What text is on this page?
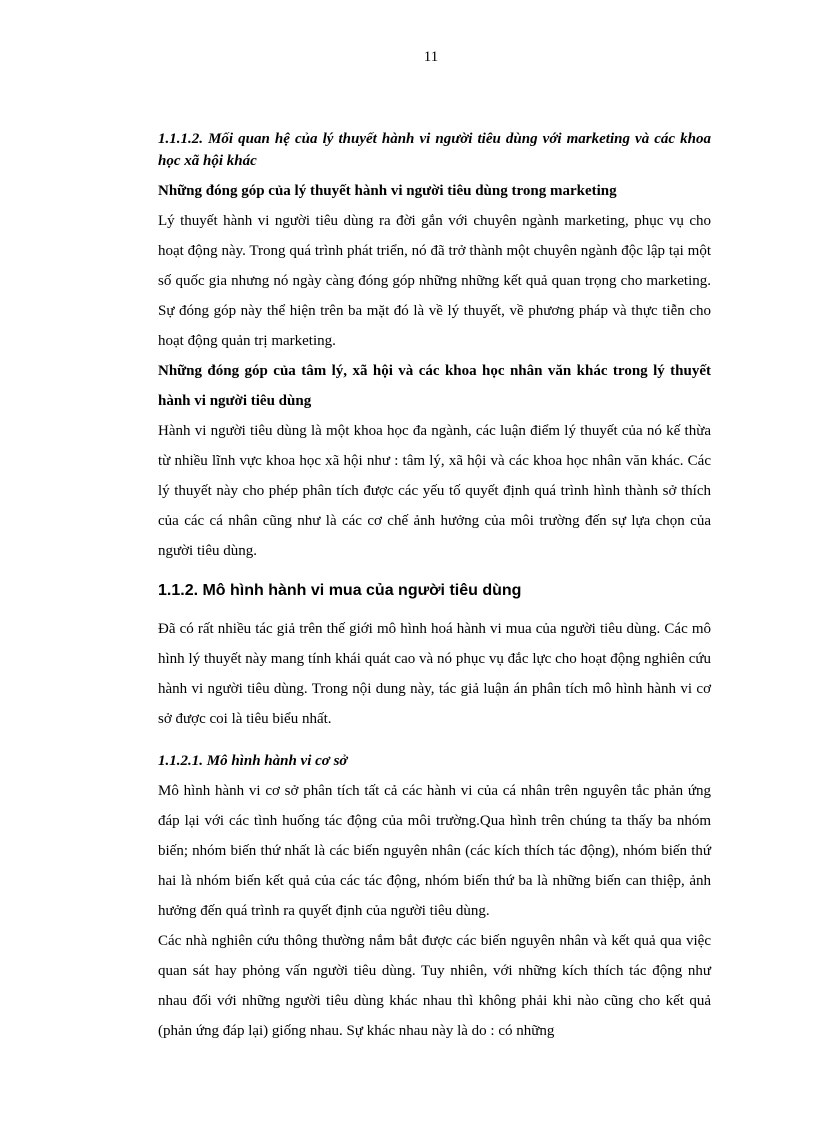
11
1.1.1.2. Mối quan hệ của lý thuyết hành vi người tiêu dùng với marketing và các khoa học xã hội khác
Những đóng góp của lý thuyết hành vi người tiêu dùng trong marketing

Lý thuyết hành vi người tiêu dùng ra đời gắn với chuyên ngành marketing, phục vụ cho hoạt động này. Trong quá trình phát triển, nó đã trở thành một chuyên ngành độc lập tại một số quốc gia nhưng nó ngày càng đóng góp những những kết quả quan trọng cho marketing. Sự đóng góp này thể hiện trên ba mặt đó là về lý thuyết, về phương pháp và thực tiễn cho hoạt động quản trị marketing.

Những đóng góp của tâm lý, xã hội và các khoa học nhân văn khác trong lý thuyết hành vi người tiêu dùng

Hành vi người tiêu dùng là một khoa học đa ngành, các luận điểm lý thuyết của nó kế thừa từ nhiều lĩnh vực khoa học xã hội như : tâm lý, xã hội và các khoa học nhân văn khác. Các lý thuyết này cho phép phân tích được các yếu tố quyết định quá trình hình thành sở thích của các cá nhân cũng như là các cơ chế ảnh hưởng của môi trường đến sự lựa chọn của người tiêu dùng.

1.1.2. Mô hình hành vi mua của người tiêu dùng

Đã có rất nhiều tác giả trên thế giới mô hình hoá hành vi mua của người tiêu dùng. Các mô hình lý thuyết này mang tính khái quát cao và nó phục vụ đắc lực cho hoạt động nghiên cứu hành vi người tiêu dùng. Trong nội dung này, tác giả luận án phân tích mô hình hành vi cơ sở được coi là tiêu biểu nhất.

1.1.2.1. Mô hình hành vi cơ sở

Mô hình hành vi cơ sở phân tích tất cả các hành vi của cá nhân trên nguyên tắc phản ứng đáp lại với các tình huống tác động của môi trường.Qua hình trên chúng ta thấy ba nhóm biến; nhóm biến thứ nhất là các biến nguyên nhân (các kích thích tác động), nhóm biến thứ hai là nhóm biến kết quả của các tác động, nhóm biến thứ ba là những biến can thiệp, ảnh hưởng đến quá trình ra quyết định của người tiêu dùng.

Các nhà nghiên cứu thông thường nắm bắt được các biến nguyên nhân và kết quả qua việc quan sát hay phỏng vấn người tiêu dùng. Tuy nhiên, với những kích thích tác động như nhau đối với những người tiêu dùng khác nhau thì không phải khi nào cũng cho kết quả (phản ứng đáp lại) giống nhau. Sự khác nhau này là do : có những
